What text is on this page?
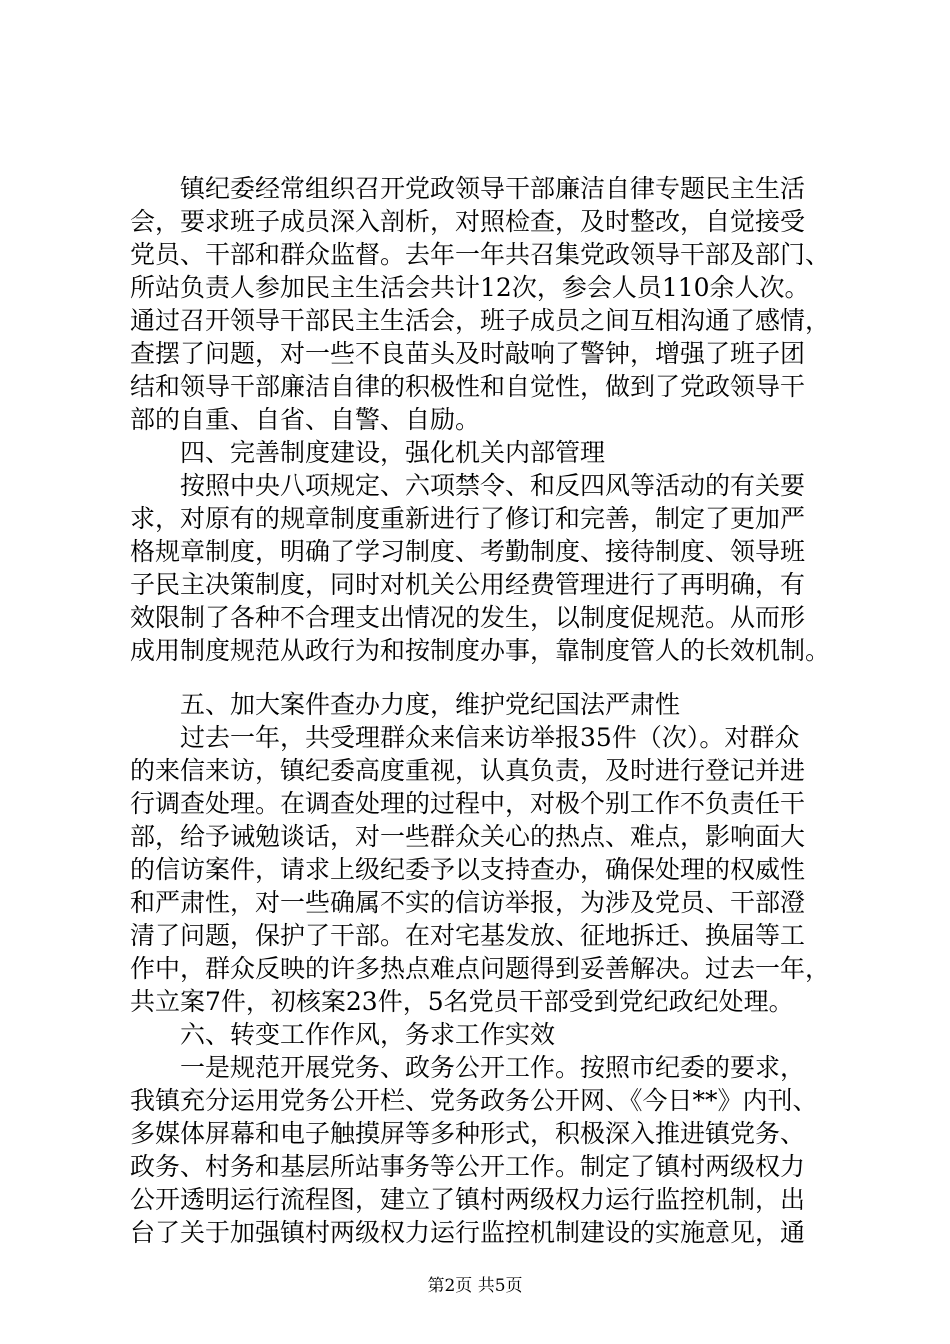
镇纪委经常组织召开党政领导干部廉洁自律专题民主生活
会，要求班子成员深入剖析，对照检查，及时整改，自觉接受
党员、干部和群众监督。去年一年共召集党政领导干部及部门、
所站负责人参加民主生活会共计12次，参会人员110余人次。
通过召开领导干部民主生活会，班子成员之间互相沟通了感情，
查摆了问题，对一些不良苗头及时敲响了警钟，增强了班子团
结和领导干部廉洁自律的积极性和自觉性，做到了党政领导干
部的自重、自省、自警、自励。
四、完善制度建设，强化机关内部管理
按照中央八项规定、六项禁令、和反四风等活动的有关要
求，对原有的规章制度重新进行了修订和完善，制定了更加严
格规章制度，明确了学习制度、考勤制度、接待制度、领导班
子民主决策制度，同时对机关公用经费管理进行了再明确，有
效限制了各种不合理支出情况的发生，以制度促规范。从而形
成用制度规范从政行为和按制度办事，靠制度管人的长效机制。
五、加大案件查办力度，维护党纪国法严肃性
过去一年，共受理群众来信来访举报35件（次）。对群众
的来信来访，镇纪委高度重视，认真负责，及时进行登记并进
行调查处理。在调查处理的过程中，对极个别工作不负责任干
部，给予诫勉谈话，对一些群众关心的热点、难点，影响面大
的信访案件，请求上级纪委予以支持查办，确保处理的权威性
和严肃性，对一些确属不实的信访举报，为涉及党员、干部澄
清了问题，保护了干部。在对宅基发放、征地拆迁、换届等工
作中，群众反映的许多热点难点问题得到妥善解决。过去一年，
共立案7件，初核案23件，5名党员干部受到党纪政纪处理。
六、转变工作作风，务求工作实效
一是规范开展党务、政务公开工作。按照市纪委的要求，
我镇充分运用党务公开栏、党务政务公开网、《今日**》内刊、
多媒体屏幕和电子触摸屏等多种形式，积极深入推进镇党务、
政务、村务和基层所站事务等公开工作。制定了镇村两级权力
公开透明运行流程图，建立了镇村两级权力运行监控机制，出
台了关于加强镇村两级权力运行监控机制建设的实施意见，通
第2页 共5页
